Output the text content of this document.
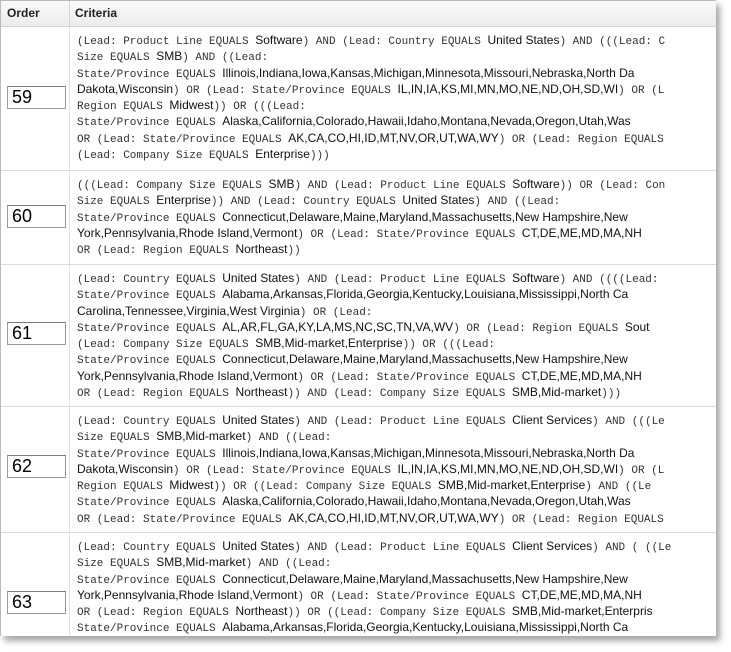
Order	Criteria
59
(Lead: Product Line EQUALS Software) AND (Lead: Country EQUALS United States) AND (((Lead: C
Size EQUALS SMB) AND ((Lead:
State/Province EQUALS Illinois,Indiana,Iowa,Kansas,Michigan,Minnesota,Missouri,Nebraska,North Da
Dakota,Wisconsin) OR (Lead: State/Province EQUALS IL,IN,IA,KS,MI,MN,MO,NE,ND,OH,SD,WI) OR (L
Region EQUALS Midwest)) OR (((Lead:
State/Province EQUALS Alaska,California,Colorado,Hawaii,Idaho,Montana,Nevada,Oregon,Utah,Was
OR (Lead: State/Province EQUALS AK,CA,CO,HI,ID,MT,NV,OR,UT,WA,WY) OR (Lead: Region EQUALS
(Lead: Company Size EQUALS Enterprise)))
60
(((Lead: Company Size EQUALS SMB) AND (Lead: Product Line EQUALS Software)) OR (Lead: Con
Size EQUALS Enterprise)) AND (Lead: Country EQUALS United States) AND ((Lead:
State/Province EQUALS Connecticut,Delaware,Maine,Maryland,Massachusetts,New Hampshire,New
York,Pennsylvania,Rhode Island,Vermont) OR (Lead: State/Province EQUALS CT,DE,ME,MD,MA,NH
OR (Lead: Region EQUALS Northeast))
61
(Lead: Country EQUALS United States) AND (Lead: Product Line EQUALS Software) AND ((((Lead:
State/Province EQUALS Alabama,Arkansas,Florida,Georgia,Kentucky,Louisiana,Mississippi,North Ca
Carolina,Tennessee,Virginia,West Virginia) OR (Lead:
State/Province EQUALS AL,AR,FL,GA,KY,LA,MS,NC,SC,TN,VA,WV) OR (Lead: Region EQUALS Sout
(Lead: Company Size EQUALS SMB,Mid-market,Enterprise)) OR (((Lead:
State/Province EQUALS Connecticut,Delaware,Maine,Maryland,Massachusetts,New Hampshire,New
York,Pennsylvania,Rhode Island,Vermont) OR (Lead: State/Province EQUALS CT,DE,ME,MD,MA,NH
OR (Lead: Region EQUALS Northeast)) AND (Lead: Company Size EQUALS SMB,Mid-market)))
62
(Lead: Country EQUALS United States) AND (Lead: Product Line EQUALS Client Services) AND (((Le
Size EQUALS SMB,Mid-market) AND ((Lead:
State/Province EQUALS Illinois,Indiana,Iowa,Kansas,Michigan,Minnesota,Missouri,Nebraska,North Da
Dakota,Wisconsin) OR (Lead: State/Province EQUALS IL,IN,IA,KS,MI,MN,MO,NE,ND,OH,SD,WI) OR (L
Region EQUALS Midwest)) OR ((Lead: Company Size EQUALS SMB,Mid-market,Enterprise) AND ((Le
State/Province EQUALS Alaska,California,Colorado,Hawaii,Idaho,Montana,Nevada,Oregon,Utah,Was
OR (Lead: State/Province EQUALS AK,CA,CO,HI,ID,MT,NV,OR,UT,WA,WY) OR (Lead: Region EQUALS
63
(Lead: Country EQUALS United States) AND (Lead: Product Line EQUALS Client Services) AND ( ((Le
Size EQUALS SMB,Mid-market) AND ((Lead:
State/Province EQUALS Connecticut,Delaware,Maine,Maryland,Massachusetts,New Hampshire,New
York,Pennsylvania,Rhode Island,Vermont) OR (Lead: State/Province EQUALS CT,DE,ME,MD,MA,NH
OR (Lead: Region EQUALS Northeast)) OR ((Lead: Company Size EQUALS SMB,Mid-market,Enterpris
State/Province EQUALS Alabama,Arkansas,Florida,Georgia,Kentucky,Louisiana,Mississippi,North Ca
